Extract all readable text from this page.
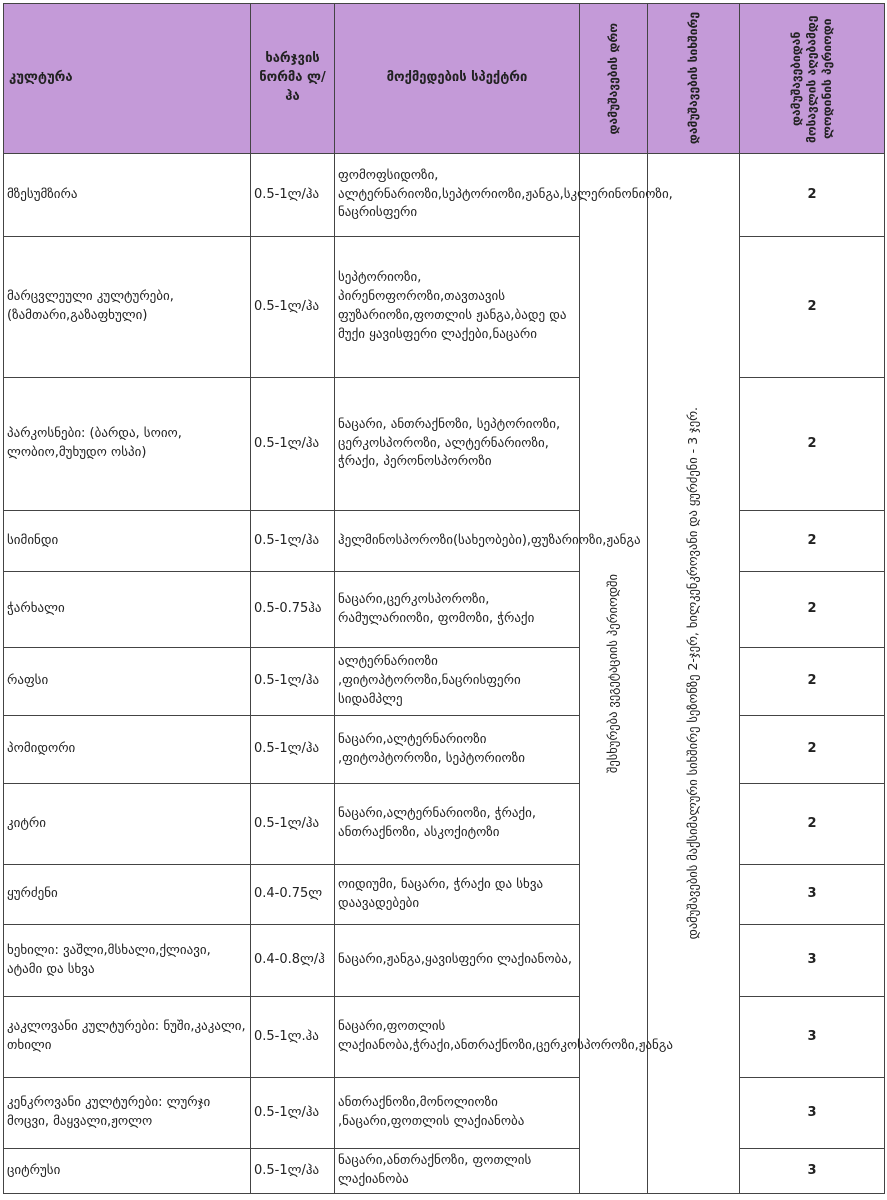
კულტურა	ხარჯვის ნორმა ლ/ჰა	მოქმედების სპექტრი	დამუშავების დრო	დამუშავების სიხშირე	დამუშავებიდან მოსავლის აღებამდე ლოდინის პერიოდი

მზესუმზირა	0.5-1ლ/ჰა	ფომოფსიდოზი, ალტერნარიოზი,სეპტორიოზი,ჟანგა,სკლერინონიოზი, ნაცრისფერი	შესხურება ვეგეტაციის პერიოდში	დამუშავების მაქსიმალური სიხშირე სეზონზე 2-ჯერ, ხილკენკროვანი და ყურძენი - 3 ჯერ.	2
მარცვლეული კულტურები, (ზამთარი,გაზაფხული)	0.5-1ლ/ჰა	სეპტორიოზი, პირენოფოროზი,თავთავის ფუზარიოზი,ფოთლის ჟანგა,ბადე და მუქი ყავისფერი ლაქები,ნაცარი			2
პარკოსნები: (ბარდა, სოიო, ლობიო,მუხუდო ოსპი)	0.5-1ლ/ჰა	ნაცარი, ანთრაქნოზი, სეპტორიოზი, ცერკოსპოროზი, ალტერნარიოზი, ჭრაქი, პერონოსპოროზი			2
სიმინდი	0.5-1ლ/ჰა	ჰელმინოსპოროზი(სახეობები),ფუზარიოზი,ჟანგა			2
ჭარხალი	0.5-0.75ჰა	ნაცარი,ცერკოსპოროზი, რამულარიოზი, ფომოზი, ჭრაქი			2
რაფსი	0.5-1ლ/ჰა	ალტერნარიოზი ,ფიტოპტოროზი,ნაცრისფერი სიდამპლე			2
პომიდორი	0.5-1ლ/ჰა	ნაცარი,ალტერნარიოზი ,ფიტოპტოროზი, სეპტორიოზი			2
კიტრი	0.5-1ლ/ჰა	ნაცარი,ალტერნარიოზი, ჭრაქი, ანთრაქნოზი, ასკოქიტოზი			2
ყურძენი	0.4-0.75ლ	ოიდიუმი, ნაცარი, ჭრაქი და სხვა დაავადებები			3
ხეხილი: ვაშლი,მსხალი,ქლიავი, ატამი და სხვა	0.4-0.8ლ/ჰ	ნაცარი,ჟანგა,ყავისფერი ლაქიანობა,			3
კაკლოვანი კულტურები: ნუში,კაკალი, თხილი	0.5-1ლ.ჰა	ნაცარი,ფოთლის ლაქიანობა,ჭრაქი,ანთრაქნოზი,ცერკოსპოროზი,ჟანგა			3
კენკროვანი კულტურები: ლურჯი მოცვი, მაყვალი,ჟოლო	0.5-1ლ/ჰა	ანთრაქნოზი,მონოლიოზი ,ნაცარი,ფოთლის ლაქიანობა			3
ციტრუსი	0.5-1ლ/ჰა	ნაცარი,ანთრაქნოზი, ფოთლის ლაქიანობა			3
